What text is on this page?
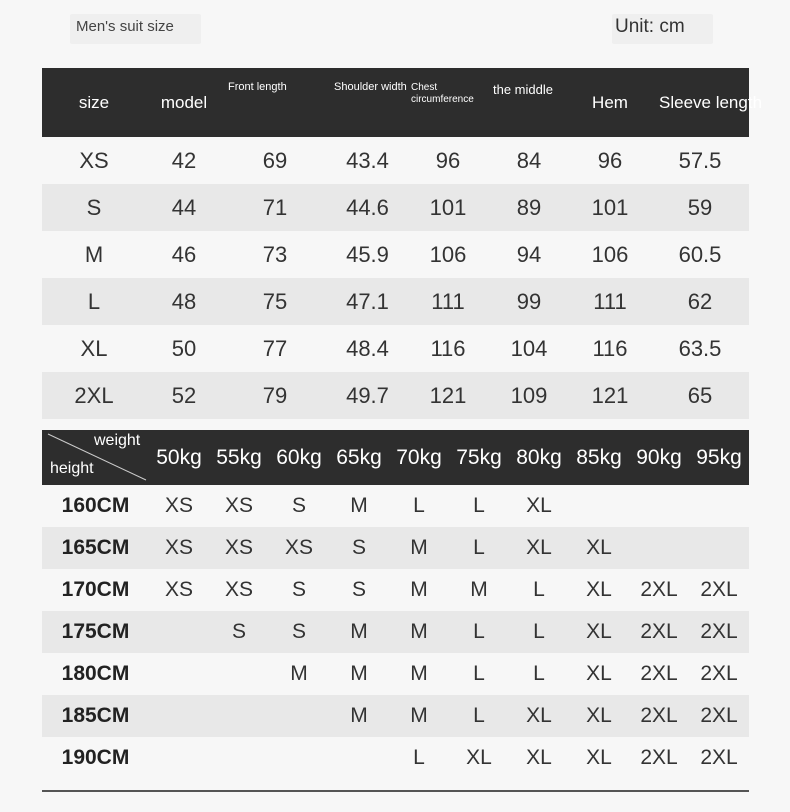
Men's suit size	Unit: cm
size	model	Front length	Shoulder width	Chest circumference	the middle	Hem	Sleeve length
XS	42	69	43.4	96	84	96	57.5
S	44	71	44.6	101	89	101	59
M	46	73	45.9	106	94	106	60.5
L	48	75	47.1	111	99	111	62
XL	50	77	48.4	116	104	116	63.5
2XL	52	79	49.7	121	109	121	65
weight
height	50kg	55kg	60kg	65kg	70kg	75kg	80kg	85kg	90kg	95kg
160CM	XS	XS	S	M	L	L	XL			
165CM	XS	XS	XS	S	M	L	XL	XL		
170CM	XS	XS	S	S	M	M	L	XL	2XL	2XL
175CM		S	S	M	M	L	L	XL	2XL	2XL
180CM			M	M	M	L	L	XL	2XL	2XL
185CM				M	M	L	XL	XL	2XL	2XL
190CM					L	XL	XL	XL	2XL	2XL
